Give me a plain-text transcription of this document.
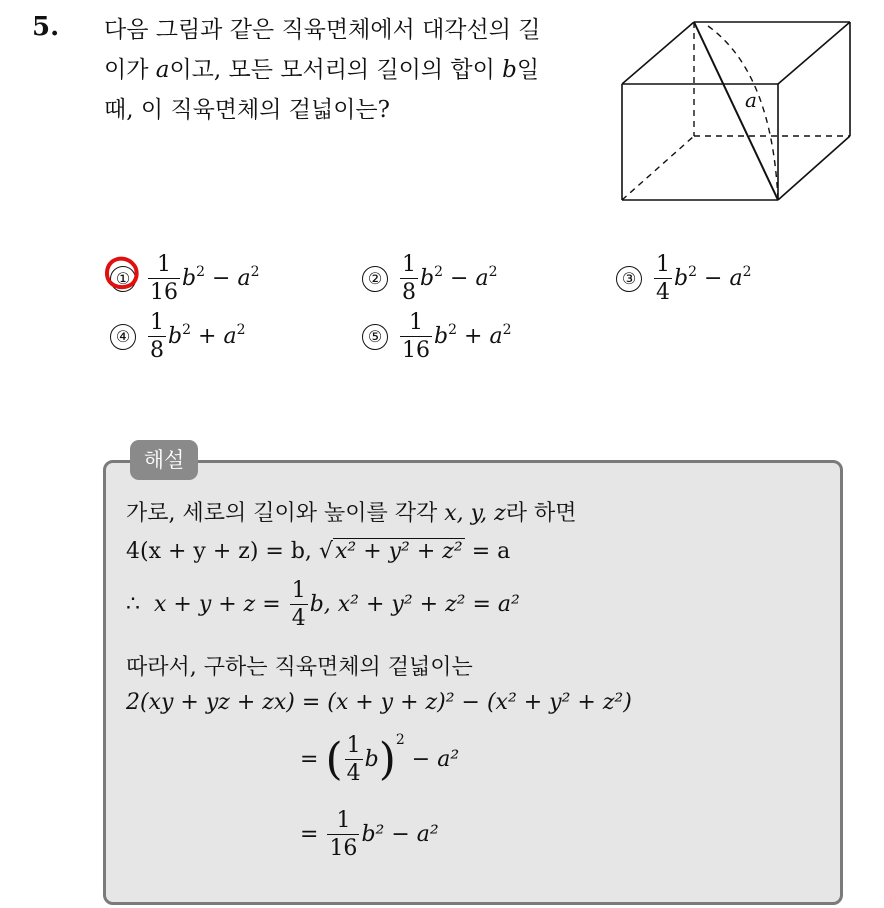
5. 다음 그림과 같은 직육면체에서 대각선의 길
이가 a이고, 모든 모서리의 길이의 합이 b일
때, 이 직육면체의 겉넓이는?	a
① $\frac{1}{16} b^2 - a^2$	② $\frac{1}{8} b^2 - a^2$	③ $\frac{1}{4} b^2 - a^2$
④ $\frac{1}{8} b^2 + a^2$	⑤ $\frac{1}{16} b^2 + a^2$
해설
가로, 세로의 길이와 높이를 각각 x, y, z라 하면
4(x + y + z) = b, √x² + y² + z² = a
∴ $x + y + z = \frac{1}{4} b$, x² + y² + z² = a²
따라서, 구하는 직육면체의 겉넓이는
2(xy + yz + zx) = (x + y + z)² − (x² + y² + z²)
= ( $\frac{1}{4} b)^2 - a^2$
= $\frac{1}{16} b^2 - a^2$
